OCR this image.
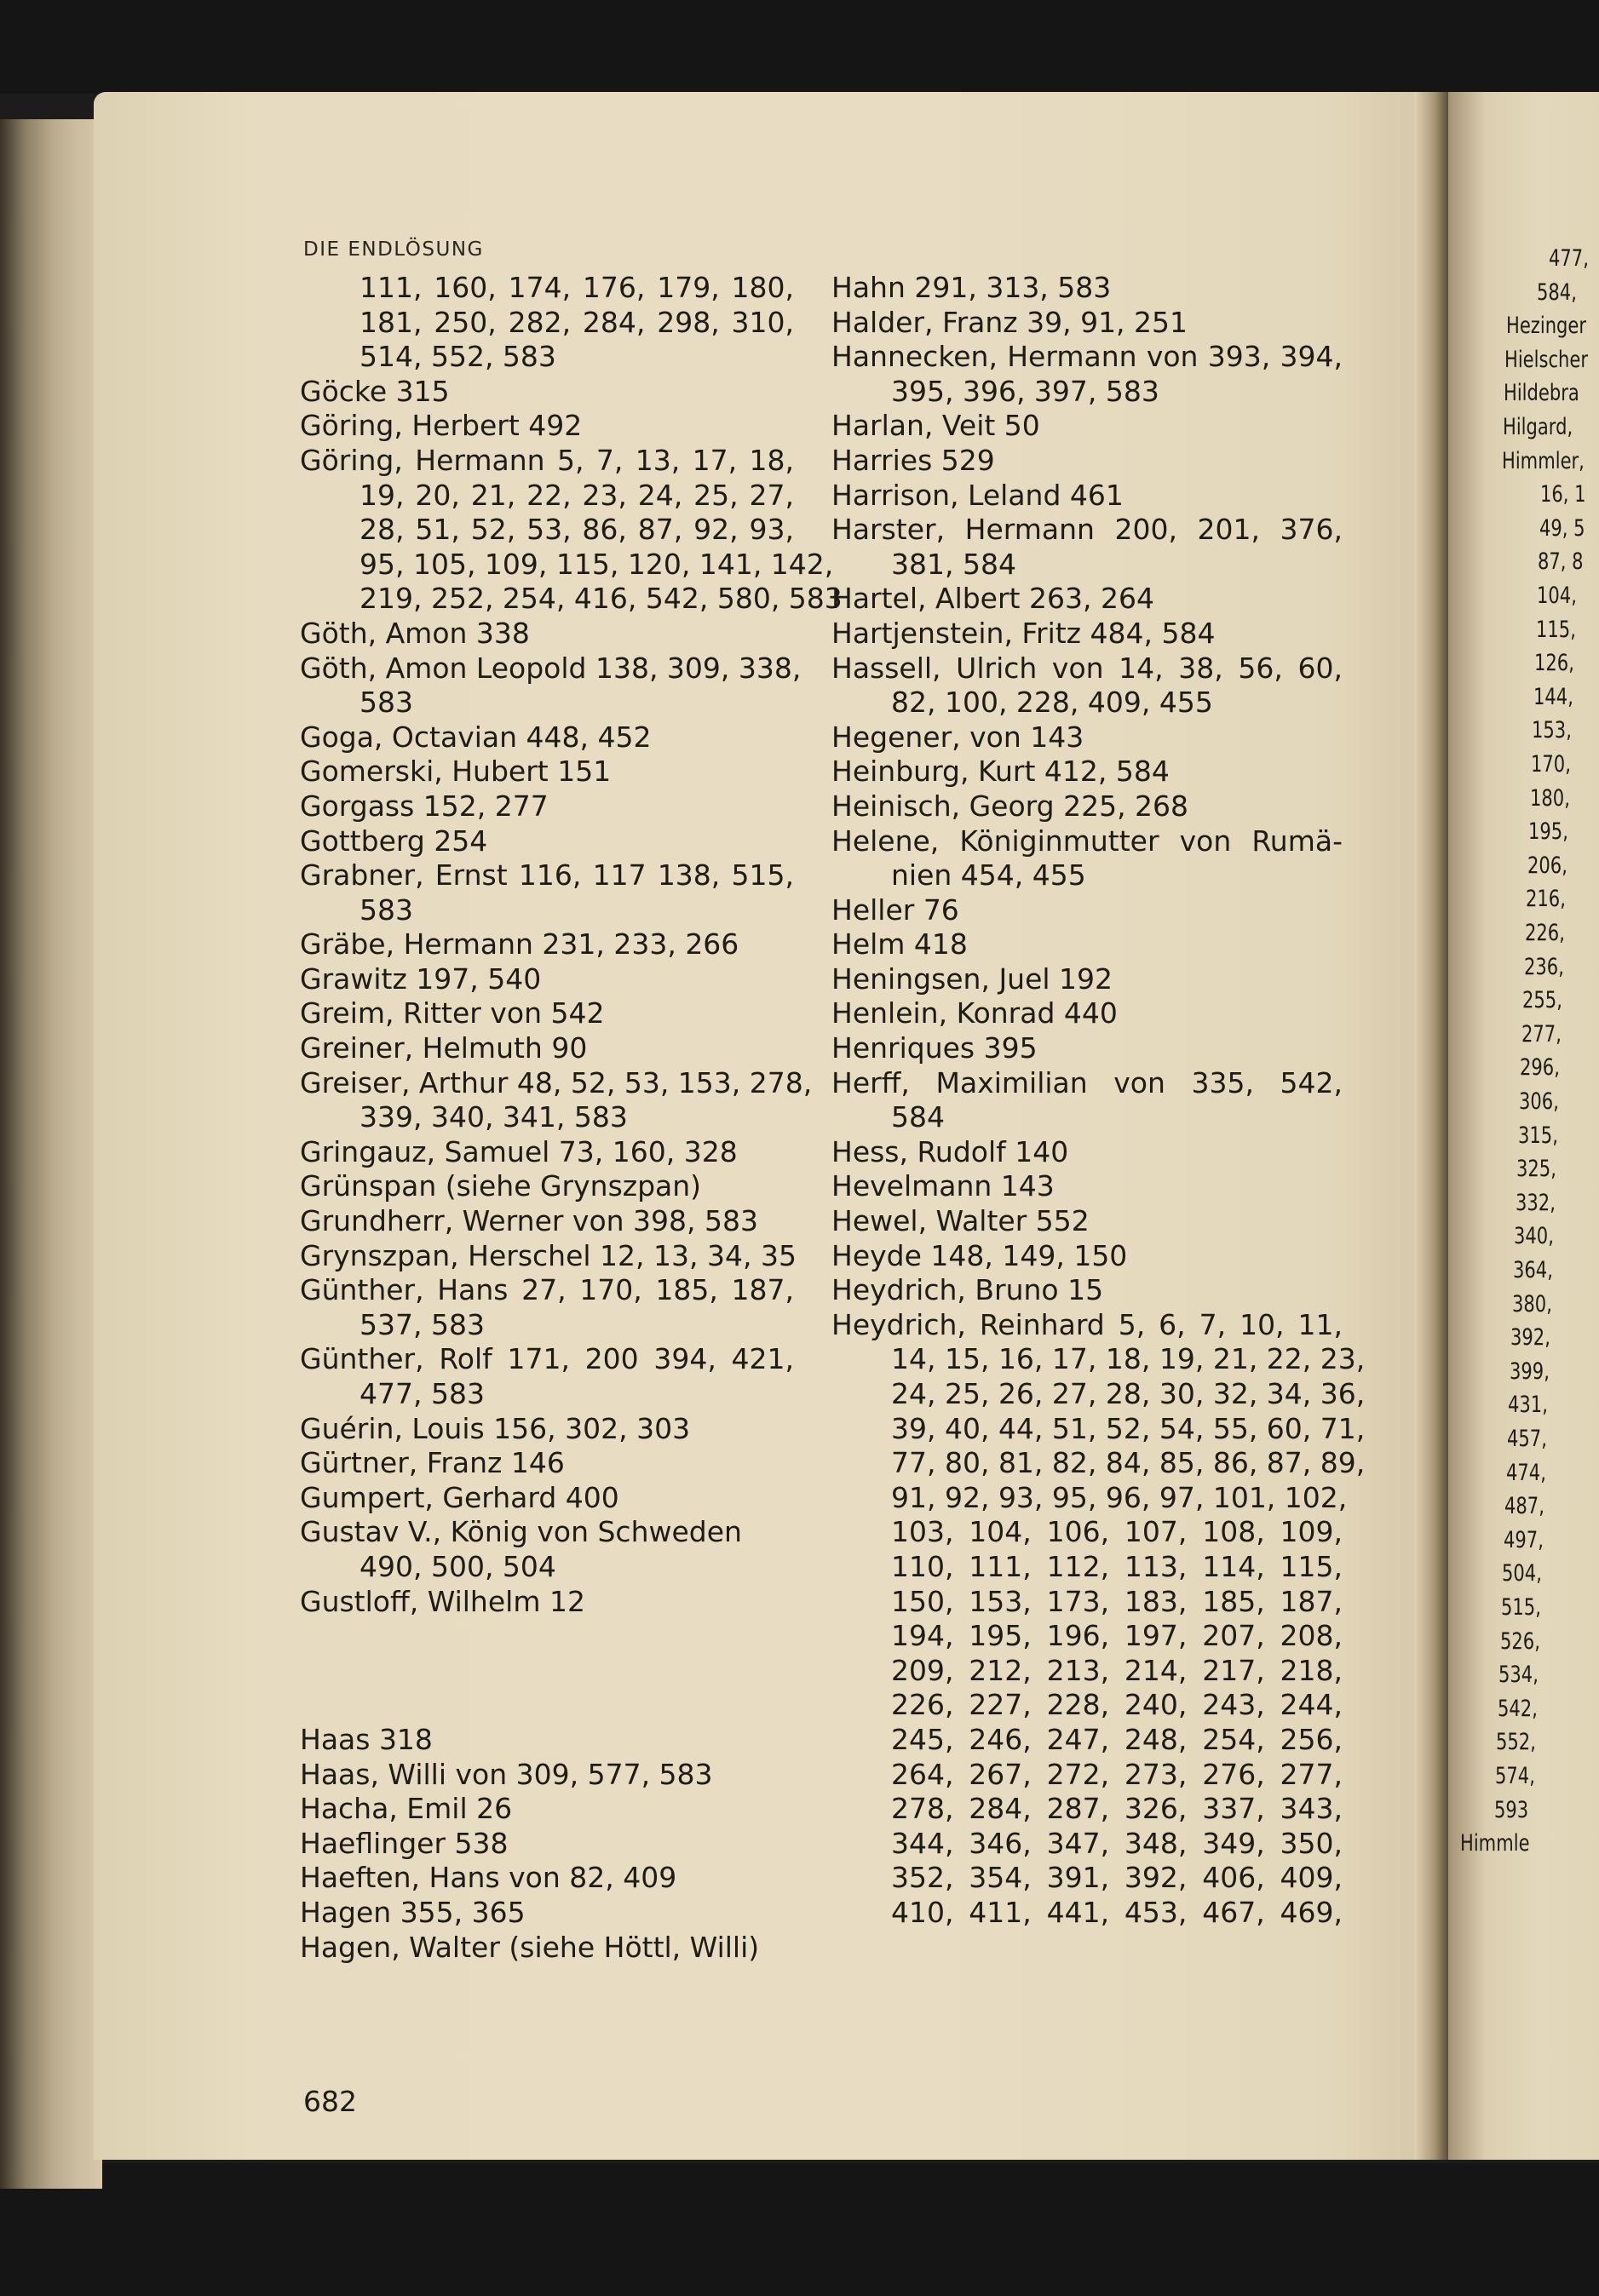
477,
584,
Hezinger
Hielscher
Hildebra
Hilgard,
Himmler,
16, 1
49, 5
87, 8
104,
115,
126,
144,
153,
170,
180,
195,
206,
216,
226,
236,
255,
277,
296,
306,
315,
325,
332,
340,
364,
380,
392,
399,
431,
457,
474,
487,
497,
504,
515,
526,
534,
542,
552,
574,
593
Himmle
DIE ENDLÖSUNG
111, 160, 174, 176, 179, 180,
181, 250, 282, 284, 298, 310,
514, 552, 583
Göcke 315
Göring, Herbert 492
Göring, Hermann 5, 7, 13, 17, 18,
19, 20, 21, 22, 23, 24, 25, 27,
28, 51, 52, 53, 86, 87, 92, 93,
95, 105, 109, 115, 120, 141, 142,
219, 252, 254, 416, 542, 580, 583
Göth, Amon 338
Göth, Amon Leopold 138, 309, 338,
583
Goga, Octavian 448, 452
Gomerski, Hubert 151
Gorgass 152, 277
Gottberg 254
Grabner, Ernst 116, 117 138, 515,
583
Gräbe, Hermann 231, 233, 266
Grawitz 197, 540
Greim, Ritter von 542
Greiner, Helmuth 90
Greiser, Arthur 48, 52, 53, 153, 278,
339, 340, 341, 583
Gringauz, Samuel 73, 160, 328
Grünspan (siehe Grynszpan)
Grundherr, Werner von 398, 583
Grynszpan, Herschel 12, 13, 34, 35
Günther, Hans 27, 170, 185, 187,
537, 583
Günther, Rolf 171, 200 394, 421,
477, 583
Guérin, Louis 156, 302, 303
Gürtner, Franz 146
Gumpert, Gerhard 400
Gustav V., König von Schweden
490, 500, 504
Gustloff, Wilhelm 12
Haas 318
Haas, Willi von 309, 577, 583
Hacha, Emil 26
Haeflinger 538
Haeften, Hans von 82, 409
Hagen 355, 365
Hagen, Walter (siehe Höttl, Willi)
Hahn 291, 313, 583
Halder, Franz 39, 91, 251
Hannecken, Hermann von 393, 394,
395, 396, 397, 583
Harlan, Veit 50
Harries 529
Harrison, Leland 461
Harster, Hermann 200, 201, 376,
381, 584
Hartel, Albert 263, 264
Hartjenstein, Fritz 484, 584
Hassell, Ulrich von 14, 38, 56, 60,
82, 100, 228, 409, 455
Hegener, von 143
Heinburg, Kurt 412, 584
Heinisch, Georg 225, 268
Helene, Königinmutter von Rumä-
nien 454, 455
Heller 76
Helm 418
Heningsen, Juel 192
Henlein, Konrad 440
Henriques 395
Herff, Maximilian von 335, 542,
584
Hess, Rudolf 140
Hevelmann 143
Hewel, Walter 552
Heyde 148, 149, 150
Heydrich, Bruno 15
Heydrich, Reinhard 5, 6, 7, 10, 11,
14, 15, 16, 17, 18, 19, 21, 22, 23,
24, 25, 26, 27, 28, 30, 32, 34, 36,
39, 40, 44, 51, 52, 54, 55, 60, 71,
77, 80, 81, 82, 84, 85, 86, 87, 89,
91, 92, 93, 95, 96, 97, 101, 102,
103, 104, 106, 107, 108, 109,
110, 111, 112, 113, 114, 115,
150, 153, 173, 183, 185, 187,
194, 195, 196, 197, 207, 208,
209, 212, 213, 214, 217, 218,
226, 227, 228, 240, 243, 244,
245, 246, 247, 248, 254, 256,
264, 267, 272, 273, 276, 277,
278, 284, 287, 326, 337, 343,
344, 346, 347, 348, 349, 350,
352, 354, 391, 392, 406, 409,
410, 411, 441, 453, 467, 469,
682
